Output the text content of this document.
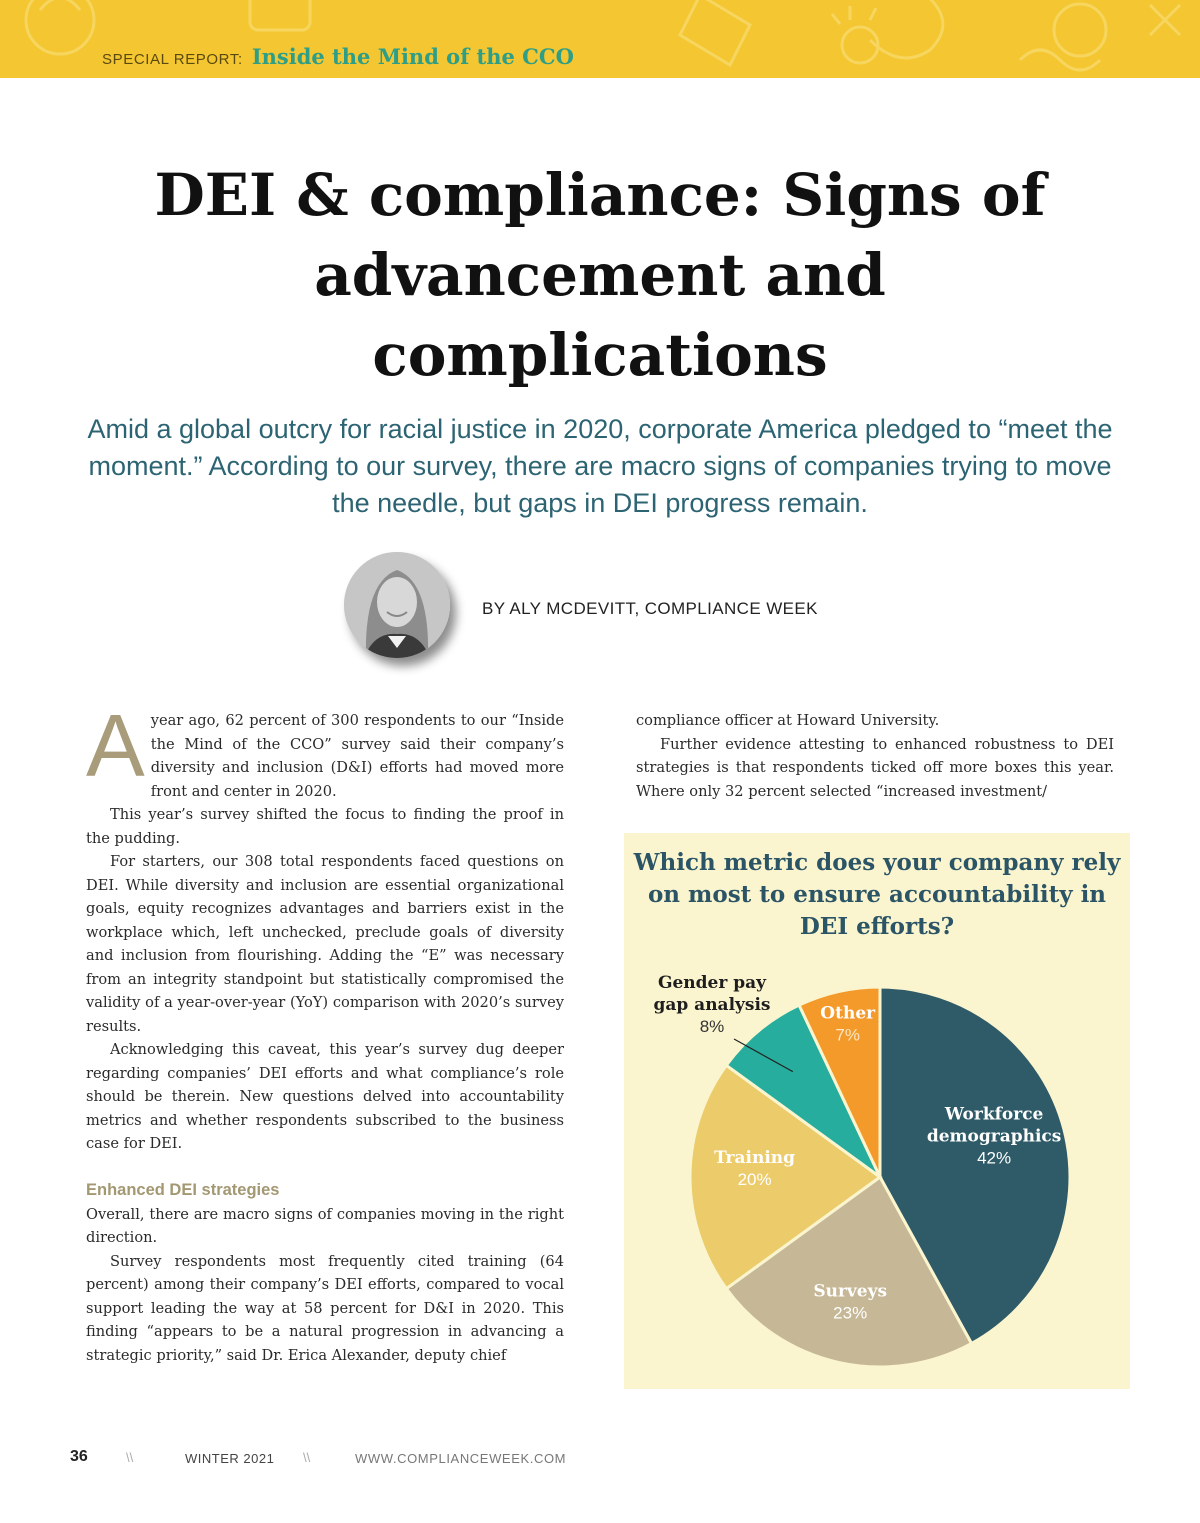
SPECIAL REPORT: Inside the Mind of the CCO
DEI & compliance: Signs of advancement and complications

Amid a global outcry for racial justice in 2020, corporate America pledged to “meet the moment.” According to our survey, there are macro signs of companies trying to move the needle, but gaps in DEI progress remain.

BY ALY MCDEVITT, COMPLIANCE WEEK

Ayear ago, 62 percent of 300 respondents to our “Inside the Mind of the CCO” survey said their company’s diversity and inclusion (D&I) efforts had moved more front and center in 2020.

This year’s survey shifted the focus to finding the proof in the pudding.

For starters, our 308 total respondents faced questions on DEI. While diversity and inclusion are essential organizational goals, equity recognizes advantages and barriers exist in the workplace which, left unchecked, preclude goals of diversity and inclusion from flourishing. Adding the “E” was necessary from an integrity standpoint but statistically compromised the validity of a year-over-year (YoY) comparison with 2020’s survey results.

Acknowledging this caveat, this year’s survey dug deeper regarding companies’ DEI efforts and what compliance’s role should be therein. New questions delved into accountability metrics and whether respondents subscribed to the business case for DEI.

Enhanced DEI strategies

Overall, there are macro signs of companies moving in the right direction.

Survey respondents most frequently cited training (64 percent) among their company’s DEI efforts, compared to vocal support leading the way at 58 percent for D&I in 2020. This finding “appears to be a natural progression in advancing a strategic priority,” said Dr. Erica Alexander, deputy chief

compliance officer at Howard University.

Further evidence attesting to enhanced robustness to DEI strategies is that respondents ticked off more boxes this year. Where only 32 percent selected “increased investment/

Workforce
demographics
42%
Surveys
23%
Training
20%
Gender pay
gap analysis
8%
Other
7%

Which metric does your company rely on most to ensure accountability in DEI efforts?

36	\\	WINTER 2021 \\	WWW.COMPLIANCEWEEK.COM
